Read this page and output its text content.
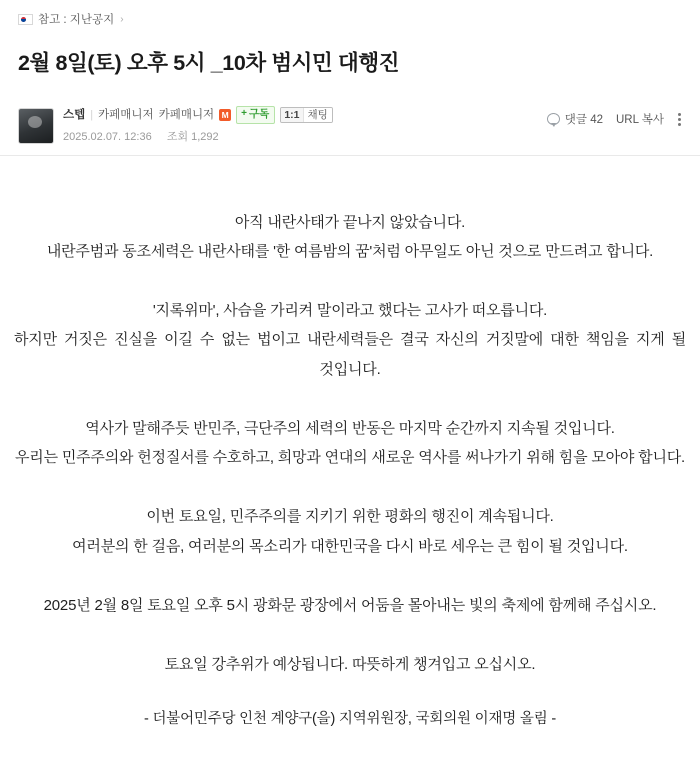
참고 : 지난공지 ›
2월 8일(토) 오후 5시 _10차 범시민 대행진
스텝 | 카페매니저 카페매니저 M + 구독 1:1 채팅
2025.02.07. 12:36 조회 1,292
댓글 42 URL 복사

아직 내란사태가 끝나지 않았습니다.
내란주범과 동조세력은 내란사태를 '한 여름밤의 꿈'처럼 아무일도 아닌 것으로 만드려고 합니다.

'지록위마', 사슴을 가리켜 말이라고 했다는 고사가 떠오릅니다.
하지만 거짓은 진실을 이길 수 없는 법이고 내란세력들은 결국 자신의 거짓말에 대한 책임을 지게 될 것입니다.

역사가 말해주듯 반민주, 극단주의 세력의 반동은 마지막 순간까지 지속될 것입니다.
우리는 민주주의와 헌정질서를 수호하고, 희망과 연대의 새로운 역사를 써나가기 위해 힘을 모아야 합니다.

이번 토요일, 민주주의를 지키기 위한 평화의 행진이 계속됩니다.
여러분의 한 걸음, 여러분의 목소리가 대한민국을 다시 바로 세우는 큰 힘이 될 것입니다.

2025년 2월 8일 토요일 오후 5시 광화문 광장에서 어둠을 몰아내는 빛의 축제에 함께해 주십시오.

토요일 강추위가 예상됩니다. 따뜻하게 챙겨입고 오십시오.

- 더불어민주당 인천 계양구(을) 지역위원장, 국회의원 이재명 올림 -
